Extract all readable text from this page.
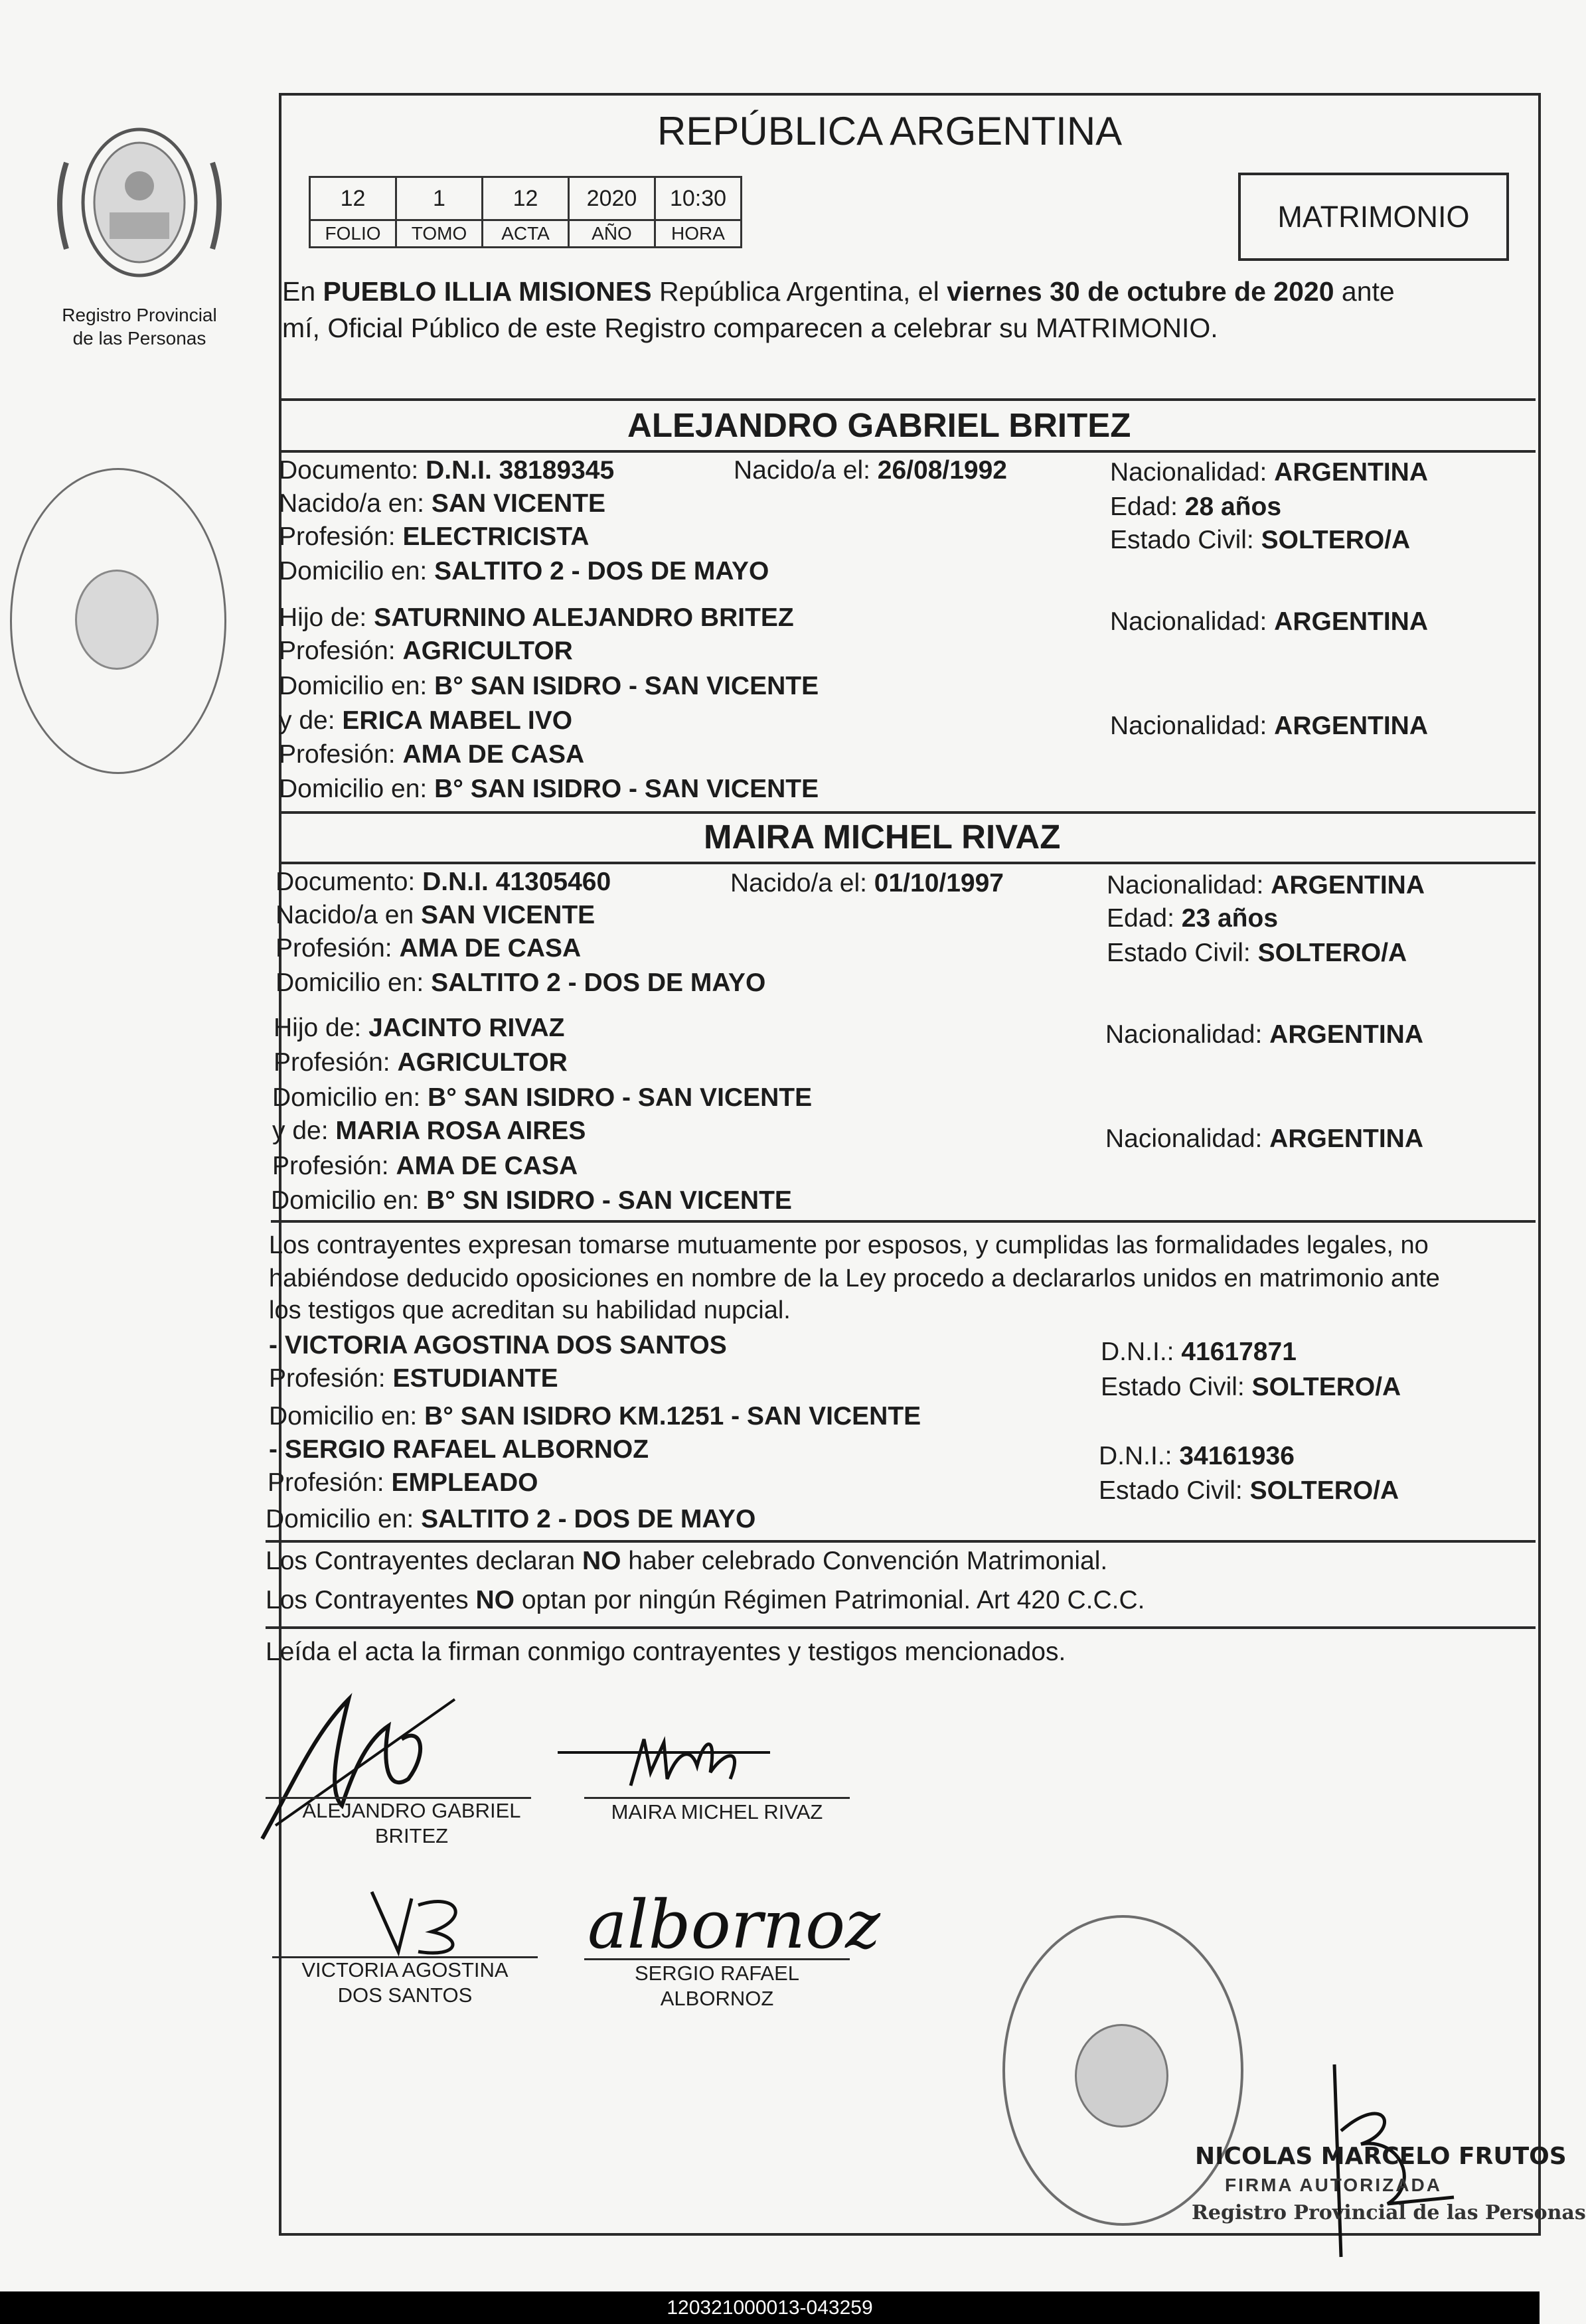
Registro Provincial
de las Personas
REPÚBLICA ARGENTINA
12	1	12	2020	10:30
FOLIO	TOMO	ACTA	AÑO	HORA	MATRIMONIO
En PUEBLO ILLIA MISIONES República Argentina, el viernes 30 de octubre de 2020 ante
mí, Oficial Público de este Registro comparecen a celebrar su MATRIMONIO.
ALEJANDRO GABRIEL BRITEZ
Documento: D.N.I. 38189345	Nacido/a el: 26/08/1992	Nacionalidad: ARGENTINA
Nacido/a en: SAN VICENTE	Edad: 28 años
Profesión: ELECTRICISTA	Estado Civil: SOLTERO/A
Domicilio en: SALTITO 2 - DOS DE MAYO
Hijo de: SATURNINO ALEJANDRO BRITEZ	Nacionalidad: ARGENTINA
Profesión: AGRICULTOR
Domicilio en: B° SAN ISIDRO - SAN VICENTE
y de: ERICA MABEL IVO	Nacionalidad: ARGENTINA
Profesión: AMA DE CASA
Domicilio en: B° SAN ISIDRO - SAN VICENTE
MAIRA MICHEL RIVAZ
Documento: D.N.I. 41305460	Nacido/a el: 01/10/1997	Nacionalidad: ARGENTINA
Nacido/a en SAN VICENTE	Edad: 23 años
Profesión: AMA DE CASA	Estado Civil: SOLTERO/A
Domicilio en: SALTITO 2 - DOS DE MAYO
Hijo de: JACINTO RIVAZ	Nacionalidad: ARGENTINA
Profesión: AGRICULTOR
Domicilio en: B° SAN ISIDRO - SAN VICENTE
y de: MARIA ROSA AIRES	Nacionalidad: ARGENTINA
Profesión: AMA DE CASA
Domicilio en: B° SN ISIDRO - SAN VICENTE
Los contrayentes expresan tomarse mutuamente por esposos, y cumplidas las formalidades legales, no
habiéndose deducido oposiciones en nombre de la Ley procedo a declararlos unidos en matrimonio ante
los testigos que acreditan su habilidad nupcial.
- VICTORIA AGOSTINA DOS SANTOS	D.N.I.: 41617871
Profesión: ESTUDIANTE	Estado Civil: SOLTERO/A
Domicilio en: B° SAN ISIDRO KM.1251 - SAN VICENTE
- SERGIO RAFAEL ALBORNOZ	D.N.I.: 34161936
Profesión: EMPLEADO	Estado Civil: SOLTERO/A
Domicilio en: SALTITO 2 - DOS DE MAYO
Los Contrayentes declaran NO haber celebrado Convención Matrimonial.
Los Contrayentes NO optan por ningún Régimen Patrimonial. Art 420 C.C.C.
Leída el acta la firman conmigo contrayentes y testigos mencionados.
ALEJANDRO GABRIEL
BRITEZ
MAIRA MICHEL RIVAZ
VICTORIA AGOSTINA
DOS SANTOS
albornoz
SERGIO RAFAEL
ALBORNOZ
NICOLAS MARCELO FRUTOS
FIRMA AUTORIZADA
Registro Provincial de las Personas
120321000013-043259
